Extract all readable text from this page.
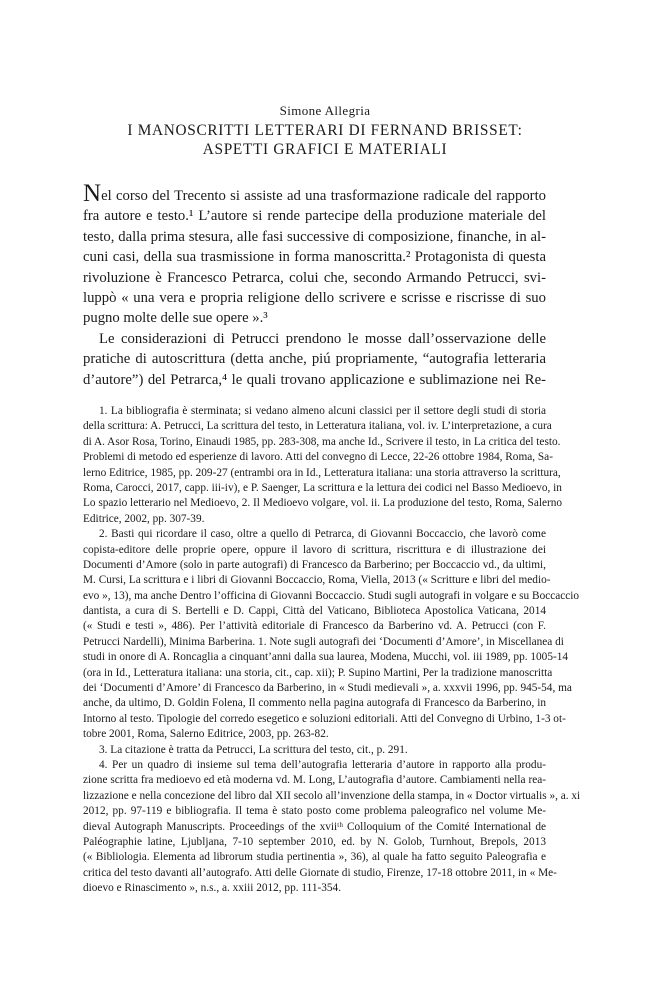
Simone Allegria
I MANOSCRITTI LETTERARI DI FERNAND BRISSET:
ASPETTI GRAFICI E MATERIALI
Nel corso del Trecento si assiste ad una trasformazione radicale del rapporto
fra autore e testo.¹ L’autore si rende partecipe della produzione materiale del
testo, dalla prima stesura, alle fasi successive di composizione, finanche, in al-
cuni casi, della sua trasmissione in forma manoscritta.² Protagonista di questa
rivoluzione è Francesco Petrarca, colui che, secondo Armando Petrucci, svi-
luppò « una vera e propria religione dello scrivere e scrisse e riscrisse di suo
pugno molte delle sue opere ».³
Le considerazioni di Petrucci prendono le mosse dall’osservazione delle
pratiche di autoscrittura (detta anche, piú propriamente, “autografia letteraria
d’autore”) del Petrarca,⁴ le quali trovano applicazione e sublimazione nei Re-
1. La bibliografia è sterminata; si vedano almeno alcuni classici per il settore degli studi di storia
della scrittura: A. Petrucci, La scrittura del testo, in Letteratura italiana, vol. iv. L’interpretazione, a cura
di A. Asor Rosa, Torino, Einaudi 1985, pp. 283-308, ma anche Id., Scrivere il testo, in La critica del testo.
Problemi di metodo ed esperienze di lavoro. Atti del convegno di Lecce, 22-26 ottobre 1984, Roma, Sa-
lerno Editrice, 1985, pp. 209-27 (entrambi ora in Id., Letteratura italiana: una storia attraverso la scrittura,
Roma, Carocci, 2017, capp. iii-iv), e P. Saenger, La scrittura e la lettura dei codici nel Basso Medioevo, in
Lo spazio letterario nel Medioevo, 2. Il Medioevo volgare, vol. ii. La produzione del testo, Roma, Salerno
Editrice, 2002, pp. 307-39.
2. Basti qui ricordare il caso, oltre a quello di Petrarca, di Giovanni Boccaccio, che lavorò come
copista-editore delle proprie opere, oppure il lavoro di scrittura, riscrittura e di illustrazione dei
Documenti d’Amore (solo in parte autografi) di Francesco da Barberino; per Boccaccio vd., da ultimi,
M. Cursi, La scrittura e i libri di Giovanni Boccaccio, Roma, Viella, 2013 (« Scritture e libri del medio-
evo », 13), ma anche Dentro l’officina di Giovanni Boccaccio. Studi sugli autografi in volgare e su Boccaccio
dantista, a cura di S. Bertelli e D. Cappi, Città del Vaticano, Biblioteca Apostolica Vaticana, 2014
(« Studi e testi », 486). Per l’attività editoriale di Francesco da Barberino vd. A. Petrucci (con F.
Petrucci Nardelli), Minima Barberina. 1. Note sugli autografi dei ‘Documenti d’Amore’, in Miscellanea di
studi in onore di A. Roncaglia a cinquant’anni dalla sua laurea, Modena, Mucchi, vol. iii 1989, pp. 1005-14
(ora in Id., Letteratura italiana: una storia, cit., cap. xii); P. Supino Martini, Per la tradizione manoscritta
dei ‘Documenti d’Amore’ di Francesco da Barberino, in « Studi medievali », a. xxxvii 1996, pp. 945-54, ma
anche, da ultimo, D. Goldin Folena, Il commento nella pagina autografa di Francesco da Barberino, in
Intorno al testo. Tipologie del corredo esegetico e soluzioni editoriali. Atti del Convegno di Urbino, 1-3 ot-
tobre 2001, Roma, Salerno Editrice, 2003, pp. 263-82.
3. La citazione è tratta da Petrucci, La scrittura del testo, cit., p. 291.
4. Per un quadro di insieme sul tema dell’autografia letteraria d’autore in rapporto alla produ-
zione scritta fra medioevo ed età moderna vd. M. Long, L’autografia d’autore. Cambiamenti nella rea-
lizzazione e nella concezione del libro dal XII secolo all’invenzione della stampa, in « Doctor virtualis », a. xi
2012, pp. 97-119 e bibliografia. Il tema è stato posto come problema paleografico nel volume Me-
dieval Autograph Manuscripts. Proceedings of the xviiᵗʰ Colloquium of the Comité International de
Paléographie latine, Ljubljana, 7-10 september 2010, ed. by N. Golob, Turnhout, Brepols, 2013
(« Bibliologia. Elementa ad librorum studia pertinentia », 36), al quale ha fatto seguito Paleografia e
critica del testo davanti all’autografo. Atti delle Giornate di studio, Firenze, 17-18 ottobre 2011, in « Me-
dioevo e Rinascimento », n.s., a. xxiii 2012, pp. 111-354.
